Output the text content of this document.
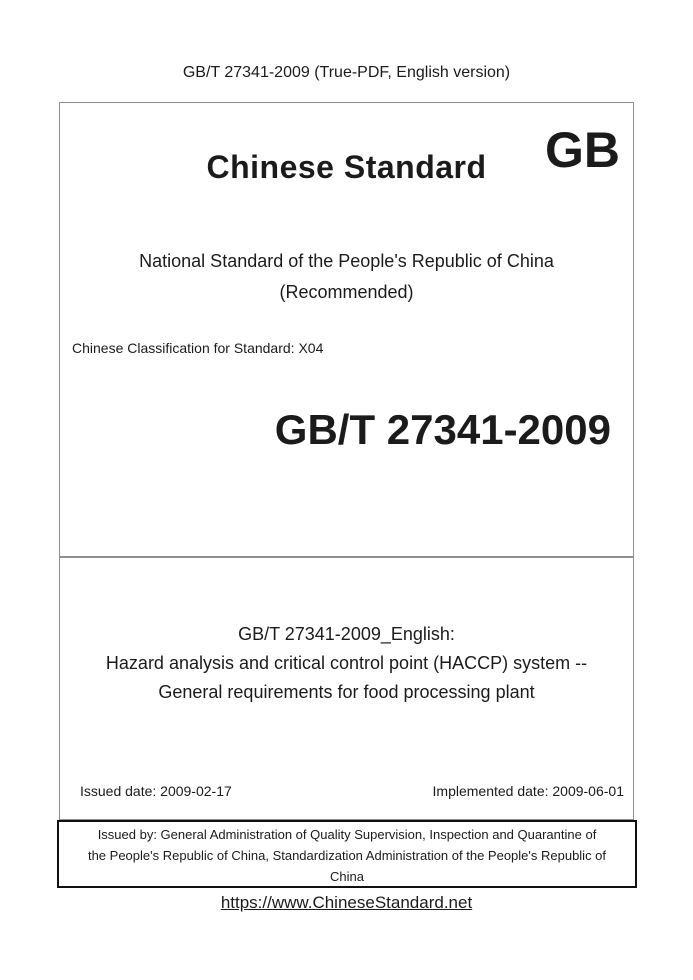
GB/T 27341-2009 (True-PDF, English version)
Chinese Standard	GB
National Standard of the People's Republic of China
(Recommended)
Chinese Classification for Standard: X04
GB/T 27341-2009
GB/T 27341-2009_English:
Hazard analysis and critical control point (HACCP) system --
General requirements for food processing plant
Issued date: 2009-02-17	Implemented date: 2009-06-01
Issued by: General Administration of Quality Supervision, Inspection and Quarantine of
the People's Republic of China, Standardization Administration of the People's Republic of
China
https://www.ChineseStandard.net
